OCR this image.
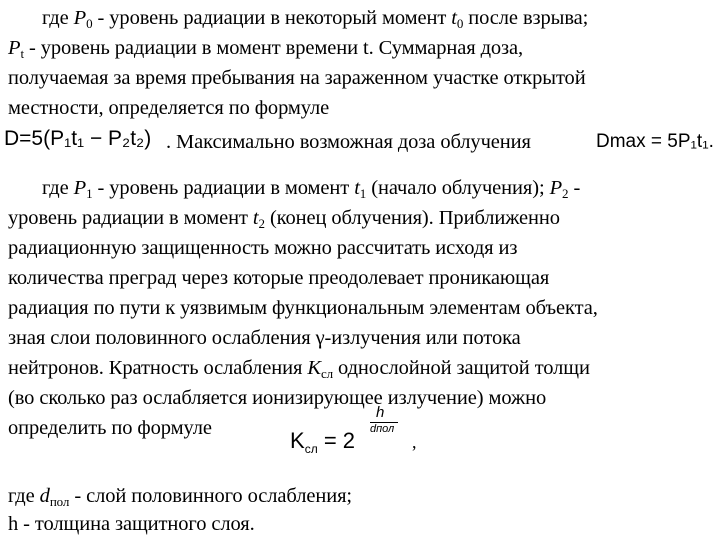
где $P_0$ - уровень радиации в некоторый момент $t_0$ после взрыва;
$P_t$ - уровень радиации в момент времени t. Суммарная доза,
получаемая за время пребывания на зараженном участке открытой
местности, определяется по формуле
D=5(P₁t₁ − P₂t₂) . Максимально возможная доза облучения	Dmax = 5P₁t₁.
где $P_1$ - уровень радиации в момент $t_1$ (начало облучения); $P_2$ -
уровень радиации в момент $t_2$ (конец облучения). Приближенно
радиационную защищенность можно рассчитать исходя из
количества преград через которые преодолевает проникающая
радиация по пути к уязвимым функциональным элементам объекта,
зная слои половинного ослабления γ-излучения или потока
нейтронов. Кратность ослабления $K_{сл}$ однослойной защитой толщи
(во сколько раз ослабляется ионизирующее излучение) можно
определить по формуле	$K_{сл} = 2$
h
dпол
,
где $d_{пол}$ - слой половинного ослабления;
h - толщина защитного слоя.
